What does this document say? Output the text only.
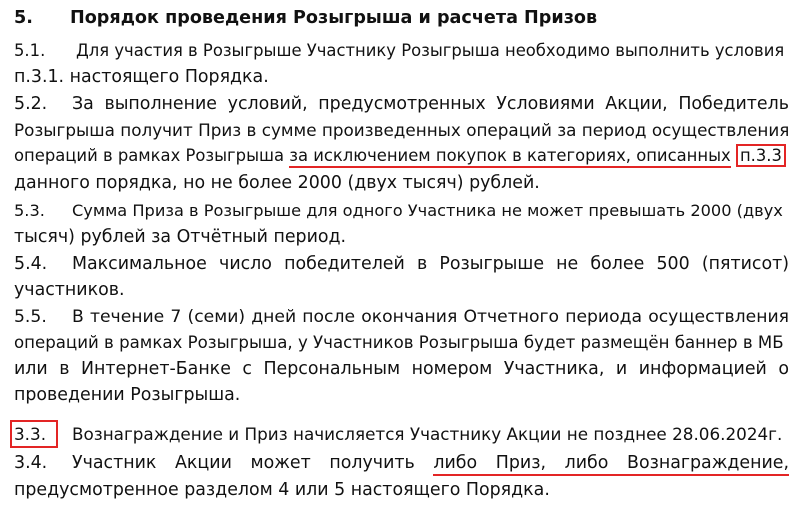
5. Порядок проведения Розыгрыша и расчета Призов
5.1. Для участия в Розыгрыше Участнику Розыгрыша необходимо выполнить условия
п.3.1. настоящего Порядка.
5.2. За выполнение условий, предусмотренных Условиями Акции, Победитель
Розыгрыша получит Приз в сумме произведенных операций за период осуществления
операций в рамках Розыгрыша за исключением покупок в категориях, описанных п.3.3
данного порядка, но не более 2000 (двух тысяч) рублей.
5.3. Сумма Приза в Розыгрыше для одного Участника не может превышать 2000 (двух
тысяч) рублей за Отчётный период.
5.4. Максимальное число победителей в Розыгрыше не более 500 (пятисот)
участников.
5.5. В течение 7 (семи) дней после окончания Отчетного периода осуществления
операций в рамках Розыгрыша, у Участников Розыгрыша будет размещён баннер в МБ
или в Интернет-Банке с Персональным номером Участника, и информацией о
проведении Розыгрыша.
3.3. Вознаграждение и Приз начисляется Участнику Акции не позднее 28.06.2024г.
3.4. Участник Акции может получить либо Приз, либо Вознаграждение,
предусмотренное разделом 4 или 5 настоящего Порядка.
